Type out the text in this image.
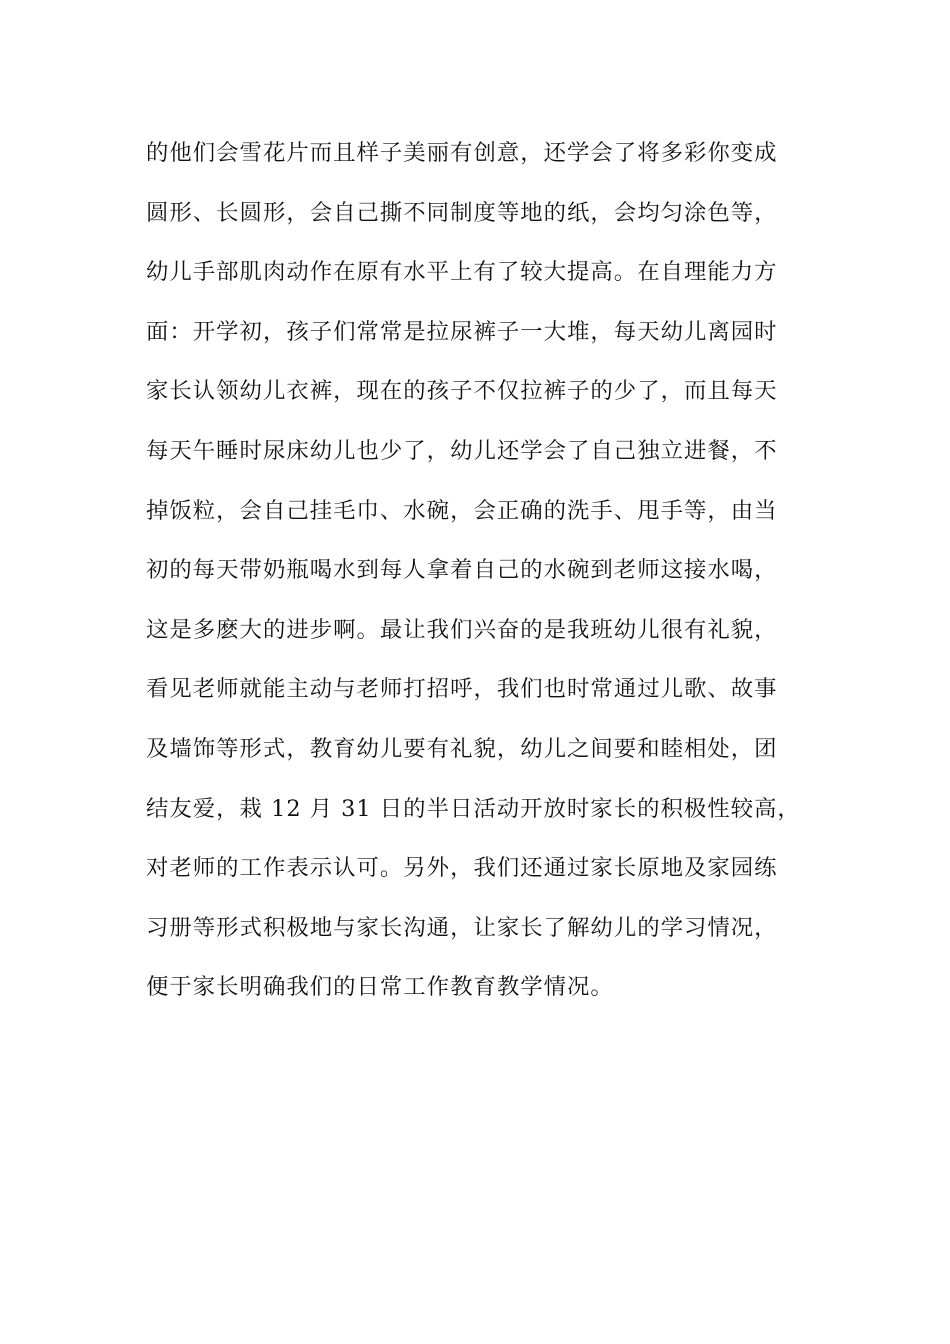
的他们会雪花片而且样子美丽有创意，还学会了将多彩你变成
圆形、长圆形，会自己撕不同制度等地的纸，会均匀涂色等，
幼儿手部肌肉动作在原有水平上有了较大提高。在自理能力方
面：开学初，孩子们常常是拉尿裤子一大堆，每天幼儿离园时
家长认领幼儿衣裤，现在的孩子不仅拉裤子的少了，而且每天
每天午睡时尿床幼儿也少了，幼儿还学会了自己独立进餐，不
掉饭粒，会自己挂毛巾、水碗，会正确的洗手、甩手等，由当
初的每天带奶瓶喝水到每人拿着自己的水碗到老师这接水喝，
这是多麽大的进步啊。最让我们兴奋的是我班幼儿很有礼貌，
看见老师就能主动与老师打招呼，我们也时常通过儿歌、故事
及墙饰等形式，教育幼儿要有礼貌，幼儿之间要和睦相处，团
结友爱，栽 12 月 31 日的半日活动开放时家长的积极性较高，
对老师的工作表示认可。另外，我们还通过家长原地及家园练
习册等形式积极地与家长沟通，让家长了解幼儿的学习情况，
便于家长明确我们的日常工作教育教学情况。
